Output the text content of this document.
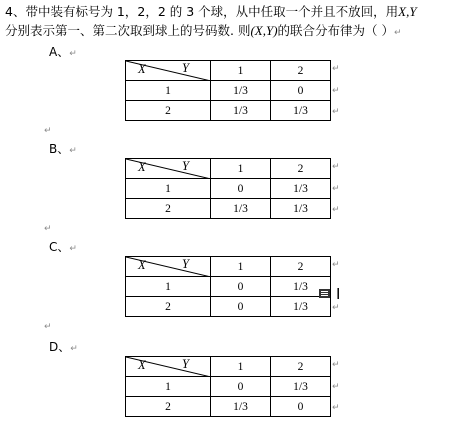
4、带中装有标号为 1，2，2 的 3 个球，从中任取一个并且不放回，用X,Y
分别表示第一、第二次取到球上的号码数. 则(X,Y)的联合分布律为（ ）↵
A、↵
X Y	1	2
1	1/3	0
2	1/3	1/3
↵
↵
↵
↵
B、↵
X Y	1	2
1	0	1/3
2	1/3	1/3
↵
↵
↵
↵
C、↵
X Y	1	2
1	0	1/3
2	0	1/3
↵
I
↵
↵
D、↵
X Y	1	2
1	0	1/3
2	1/3	0
↵
↵
↵
